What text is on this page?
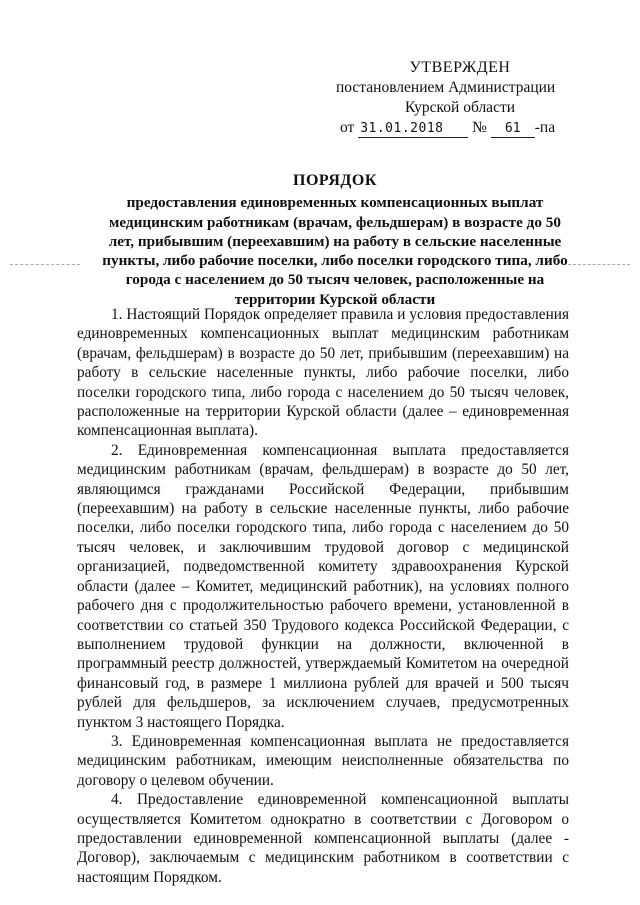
УТВЕРЖДЕН
постановлением Администрации
Курской области
от 31.01.2018 № 61 -па
ПОРЯДОК
предоставления единовременных компенсационных выплат медицинским работникам (врачам, фельдшерам) в возрасте до 50 лет, прибывшим (переехавшим) на работу в сельские населенные пункты, либо рабочие поселки, либо поселки городского типа, либо города с населением до 50 тысяч человек, расположенные на территории Курской области

1. Настоящий Порядок определяет правила и условия предоставления единовременных компенсационных выплат медицинским работникам (врачам, фельдшерам) в возрасте до 50 лет, прибывшим (переехавшим) на работу в сельские населенные пункты, либо рабочие поселки, либо поселки городского типа, либо города с населением до 50 тысяч человек, расположенные на территории Курской области (далее – единовременная компенсационная выплата).

2. Единовременная компенсационная выплата предоставляется медицинским работникам (врачам, фельдшерам) в возрасте до 50 лет, являющимся гражданами Российской Федерации, прибывшим (переехавшим) на работу в сельские населенные пункты, либо рабочие поселки, либо поселки городского типа, либо города с населением до 50 тысяч человек, и заключившим трудовой договор с медицинской организацией, подведомственной комитету здравоохранения Курской области (далее – Комитет, медицинский работник), на условиях полного рабочего дня с продолжительностью рабочего времени, установленной в соответствии со статьей 350 Трудового кодекса Российской Федерации, с выполнением трудовой функции на должности, включенной в программный реестр должностей, утверждаемый Комитетом на очередной финансовый год, в размере 1 миллиона рублей для врачей и 500 тысяч рублей для фельдшеров, за исключением случаев, предусмотренных пунктом 3 настоящего Порядка.

3. Единовременная компенсационная выплата не предоставляется медицинским работникам, имеющим неисполненные обязательства по договору о целевом обучении.

4. Предоставление единовременной компенсационной выплаты осуществляется Комитетом однократно в соответствии с Договором о предоставлении единовременной компенсационной выплаты (далее - Договор), заключаемым с медицинским работником в соответствии с настоящим Порядком.
